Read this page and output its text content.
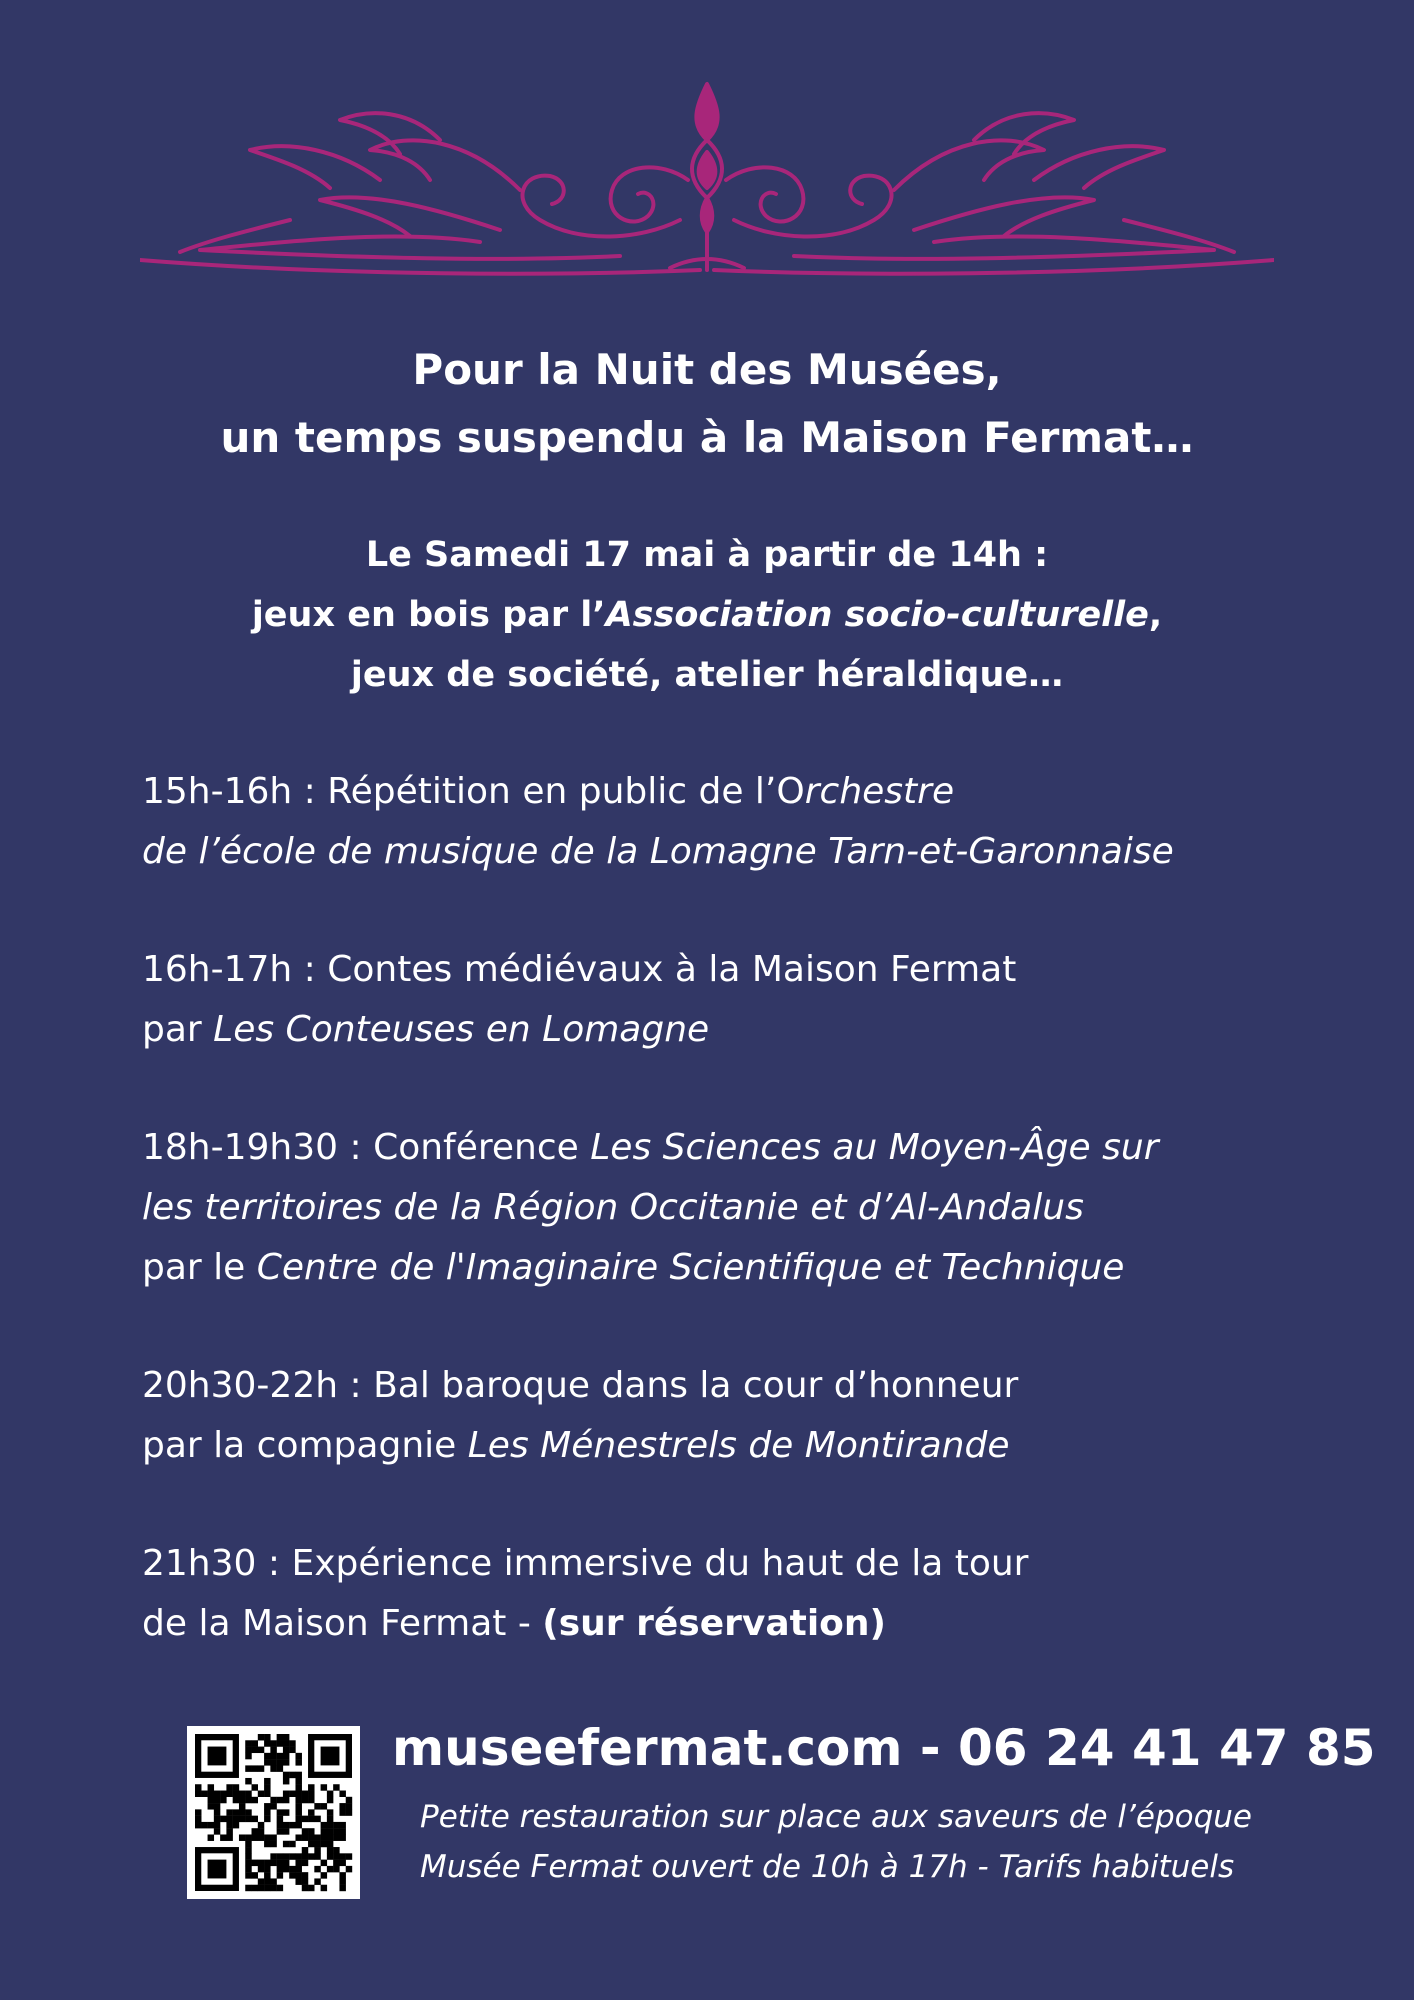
Pour la Nuit des Musées,
un temps suspendu à la Maison Fermat…
Le Samedi 17 mai à partir de 14h :
jeux en bois par l’Association socio-culturelle,
jeux de société, atelier héraldique…
15h-16h : Répétition en public de l’Orchestre
de l’école de musique de la Lomagne Tarn-et-Garonnaise
16h-17h : Contes médiévaux à la Maison Fermat
par Les Conteuses en Lomagne
18h-19h30 : Conférence Les Sciences au Moyen-Âge sur
les territoires de la Région Occitanie et d’Al-Andalus
par le Centre de l'Imaginaire Scientifique et Technique
20h30-22h : Bal baroque dans la cour d’honneur
par la compagnie Les Ménestrels de Montirande
21h30 : Expérience immersive du haut de la tour
de la Maison Fermat - (sur réservation)
museefermat.com - 06 24 41 47 85
Petite restauration sur place aux saveurs de l’époque
Musée Fermat ouvert de 10h à 17h - Tarifs habituels
